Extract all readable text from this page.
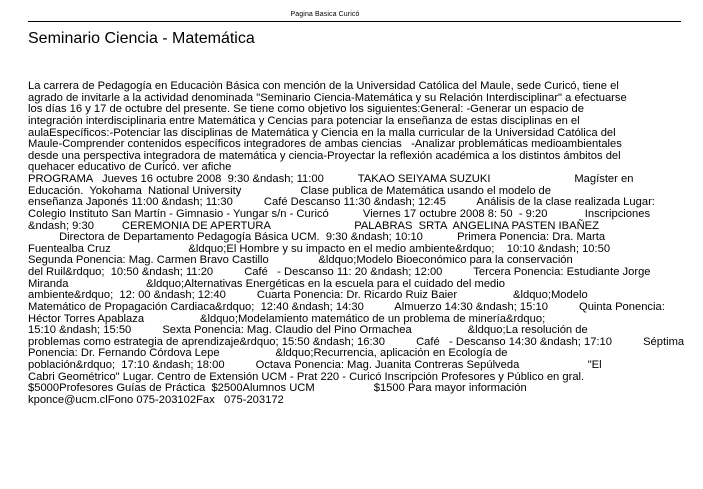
Pagina Basica Curicó
Seminario Ciencia - Matemática
La carrera de Pedagogía en Educaciòn Básica con mención de la Universidad Católica del Maule, sede Curicó, tiene el
agrado de invitarle a la actividad denominada "Seminario Ciencia-Matemática y su Relación Interdisciplinar" a efectuarse
los días 16 y 17 de octubre del presente. Se tiene como objetivo los siguientes:General: -Generar un espacio de
integración interdisciplinaria entre Matemática y Cencias para potenciar la enseñanza de estas disciplinas en el
aulaEspecíficos:-Potenciar las disciplinas de Matemática y Ciencia en la malla curricular de la Universidad Católica del
Maule-Comprender contenidos específicos integradores de ambas ciencias   -Analizar problemáticas medioambientales
desde una perspectiva integradora de matemática y ciencia-Proyectar la reflexión académica a los distintos ámbitos del
quehacer educativo de Curicó. ver afiche
PROGRAMA   Jueves 16 octubre 2008  9:30 &ndash; 11:00           TAKAO SEIYAMA SUZUKI                           Magíster en
Educación.  Yokohama  National University                   Clase publica de Matemática usando el modelo de
enseñanza Japonés 11:00 &ndash; 11:30          Café Descanso 11:30 &ndash; 12:45          Análisis de la clase realizada Lugar:
Colegio Instituto San Martín - Gimnasio - Yungar s/n - Curicó           Viernes 17 octubre 2008 8: 50  - 9:20            Inscripciones
&ndash; 9:30         CEREMONIA DE APERTURA                           PALABRAS  SRTA  ANGELINA PASTEN IBAÑEZ
Directora de Departamento Pedagogía Básica UCM.  9:30 &ndash; 10:10           Primera Ponencia: Dra. Marta
Fuentealba Cruz                         &ldquo;El Hombre y su impacto en el medio ambiente&rdquo;    10:10 &ndash; 10:50
Segunda Ponencia: Mag. Carmen Bravo Castillo                &ldquo;Modelo Bioeconómico para la conservación
del Ruil&rdquo;  10:50 &ndash; 11:20          Café   - Descanso 11: 20 &ndash; 12:00          Tercera Ponencia: Estudiante Jorge
Miranda                         &ldquo;Alternativas Energéticas en la escuela para el cuidado del medio
ambiente&rdquo;  12: 00 &ndash; 12:40          Cuarta Ponencia: Dr. Ricardo Ruiz Baier                  &ldquo;Modelo
Matemático de Propagación Cardiaca&rdquo;  12:40 &ndash; 14:30          Almuerzo 14:30 &ndash; 15:10          Quinta Ponencia:
Héctor Torres Apablaza                  &ldquo;Modelamiento matemático de un problema de minería&rdquo;
15:10 &ndash; 15:50          Sexta Ponencia: Mag. Claudio del Pino Ormachea                  &ldquo;La resolución de
problemas como estrategia de aprendizaje&rdquo; 15:50 &ndash; 16:30          Café   - Descanso 14:30 &ndash; 17:10          Séptima
Ponencia: Dr. Fernando Córdova Lepe                  &ldquo;Recurrencia, aplicación en Ecología de
población&rdquo;  17:10 &ndash; 18:00          Octava Ponencia: Mag. Juanita Contreras Sepúlveda                      "El
Cabri Geométrico" Lugar. Centro de Extensión UCM - Prat 220 - Curicó Inscripción Profesores y Público en gral.
$5000Profesores Guías de Práctica  $2500Alumnos UCM                   $1500 Para mayor información
kponce@ucm.clFono 075-203102Fax   075-203172
